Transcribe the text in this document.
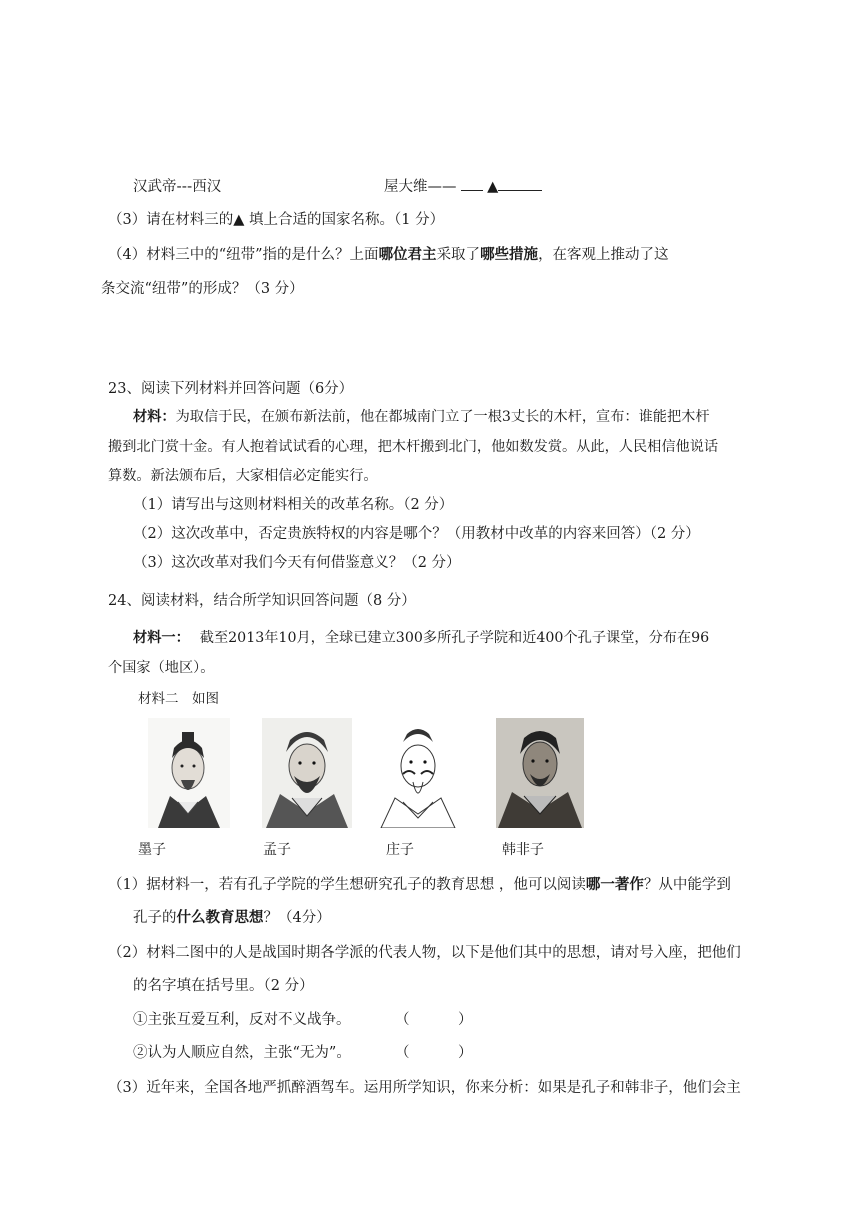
汉武帝---西汉	屋大维—— ▲
（3）请在材料三的▲ 填上合适的国家名称。（1 分）
（4）材料三中的“纽带”指的是什么？上面哪位君主采取了哪些措施，在客观上推动了这
条交流“纽带”的形成？（3 分）
23、阅读下列材料并回答问题（6分）
材料：为取信于民，在颁布新法前，他在都城南门立了一根3丈长的木杆，宣布：谁能把木杆
搬到北门赏十金。有人抱着试试看的心理，把木杆搬到北门，他如数发赏。从此，人民相信他说话
算数。新法颁布后，大家相信必定能实行。
（1）请写出与这则材料相关的改革名称。（2 分）
（2）这次改革中，否定贵族特权的内容是哪个？（用教材中改革的内容来回答）（2 分）
（3）这次改革对我们今天有何借鉴意义？（2 分）
24、阅读材料，结合所学知识回答问题（8 分）
材料一： 截至2013年10月，全球已建立300多所孔子学院和近400个孔子课堂，分布在96
个国家（地区）。
材料二　如图
墨子	孟子	庄子	韩非子
（1）据材料一，若有孔子学院的学生想研究孔子的教育思想 ，他可以阅读哪一著作？从中能学到
孔子的什么教育思想？（4分）
（2）材料二图中的人是战国时期各学派的代表人物，以下是他们其中的思想，请对号入座，把他们
的名字填在括号里。（2 分）
①主张互爱互利，反对不义战争。	（	）
②认为人顺应自然，主张“无为”。	（	）
（3）近年来，全国各地严抓醉酒驾车。运用所学知识，你来分析：如果是孔子和韩非子，他们会主
